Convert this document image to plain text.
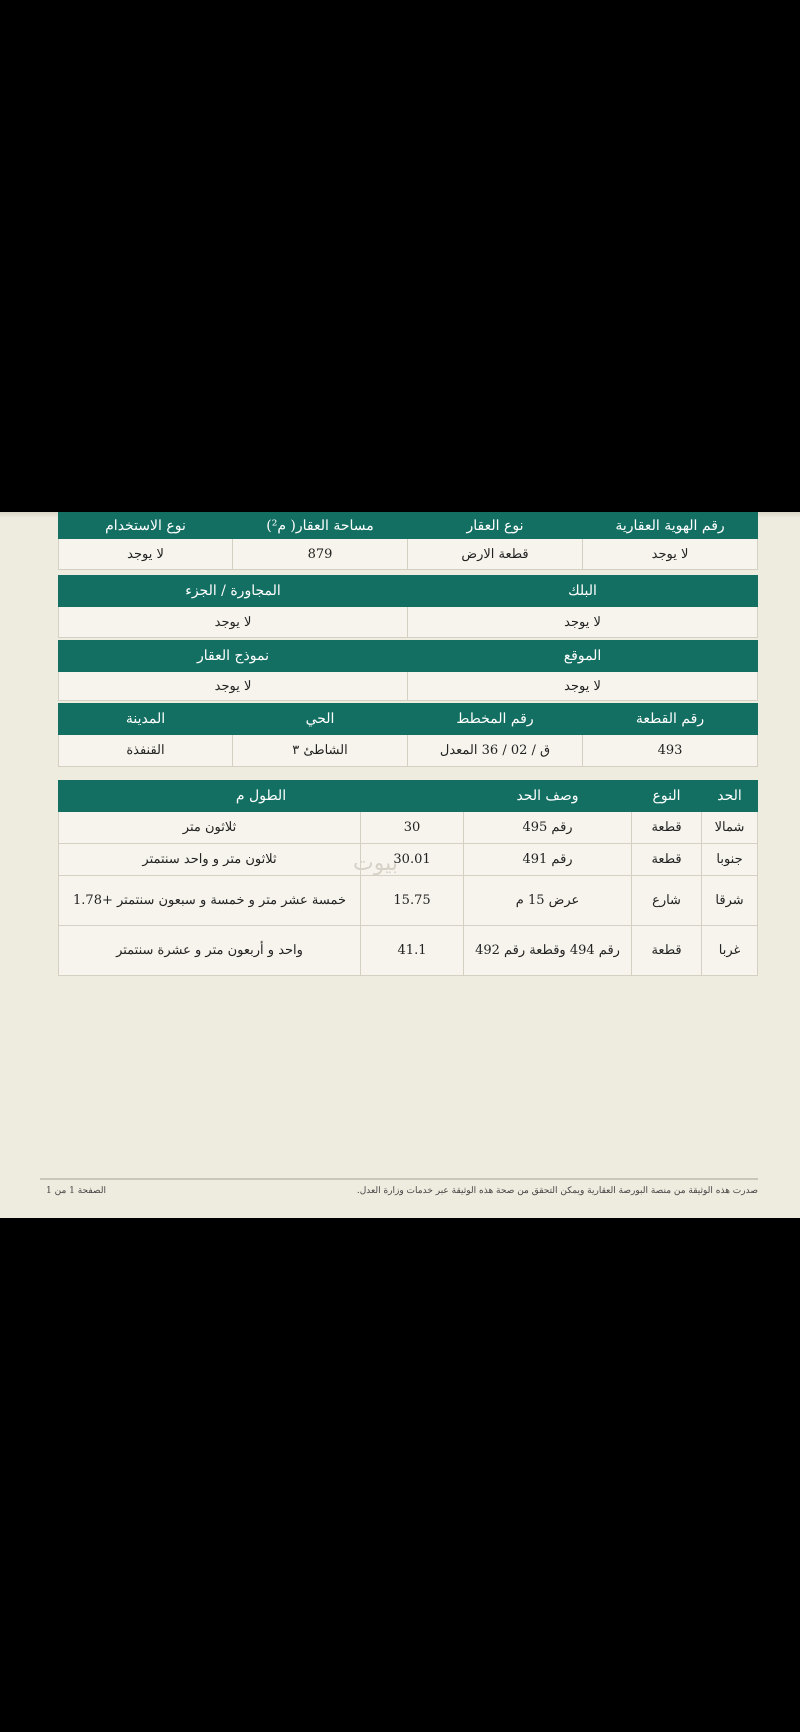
رقم الهوية العقارية	نوع العقار	مساحة العقار( م²)	نوع الاستخدام
لا يوجد	قطعة الارض	879	لا يوجد

البلك		المجاورة / الجزء	
لا يوجد		لا يوجد	

الموقع		نموذج العقار	
لا يوجد		لا يوجد	

رقم القطعة	رقم المخطط	الحي	المدينة
493	ق / 02 / 36 المعدل	الشاطئ ٣	القنفذة
الحد	النوع	وصف الحد	الطول م	
شمالا	قطعة	رقم 495	30	ثلاثون متر
جنوبا	قطعة	رقم 491	30.01	ثلاثون متر و واحد سنتمتر
شرقا	شارع	عرض 15 م	15.75	خمسة عشر متر و خمسة و سبعون سنتمتر +1.78
غربا	قطعة	رقم 494 وقطعة رقم 492	41.1	واحد و أربعون متر و عشرة سنتمتر
بيوت
صدرت هذه الوثيقة من منصة البورصة العقارية ويمكن التحقق من صحة هذه الوثيقة عبر خدمات وزارة العدل.
الصفحة 1 من 1
